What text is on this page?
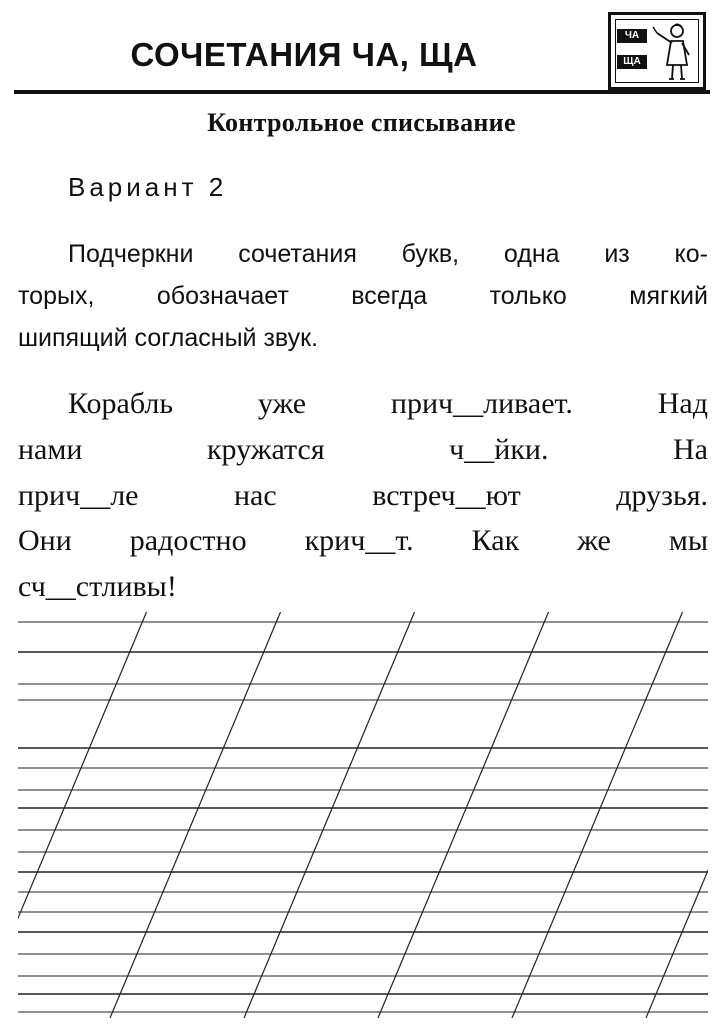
СОЧЕТАНИЯ ЧА, ЩА
ЧА
ЩА
Контрольное списывание
Вариант 2
Подчеркни сочетания букв, одна из ко-
торых, обозначает всегда только мягкий
шипящий согласный звук.
Корабль уже прич__ливает. Над
нами кружатся ч__йки. На
прич__ле нас встреч__ют друзья.
Они радостно крич__т. Как же мы
сч__стливы!
